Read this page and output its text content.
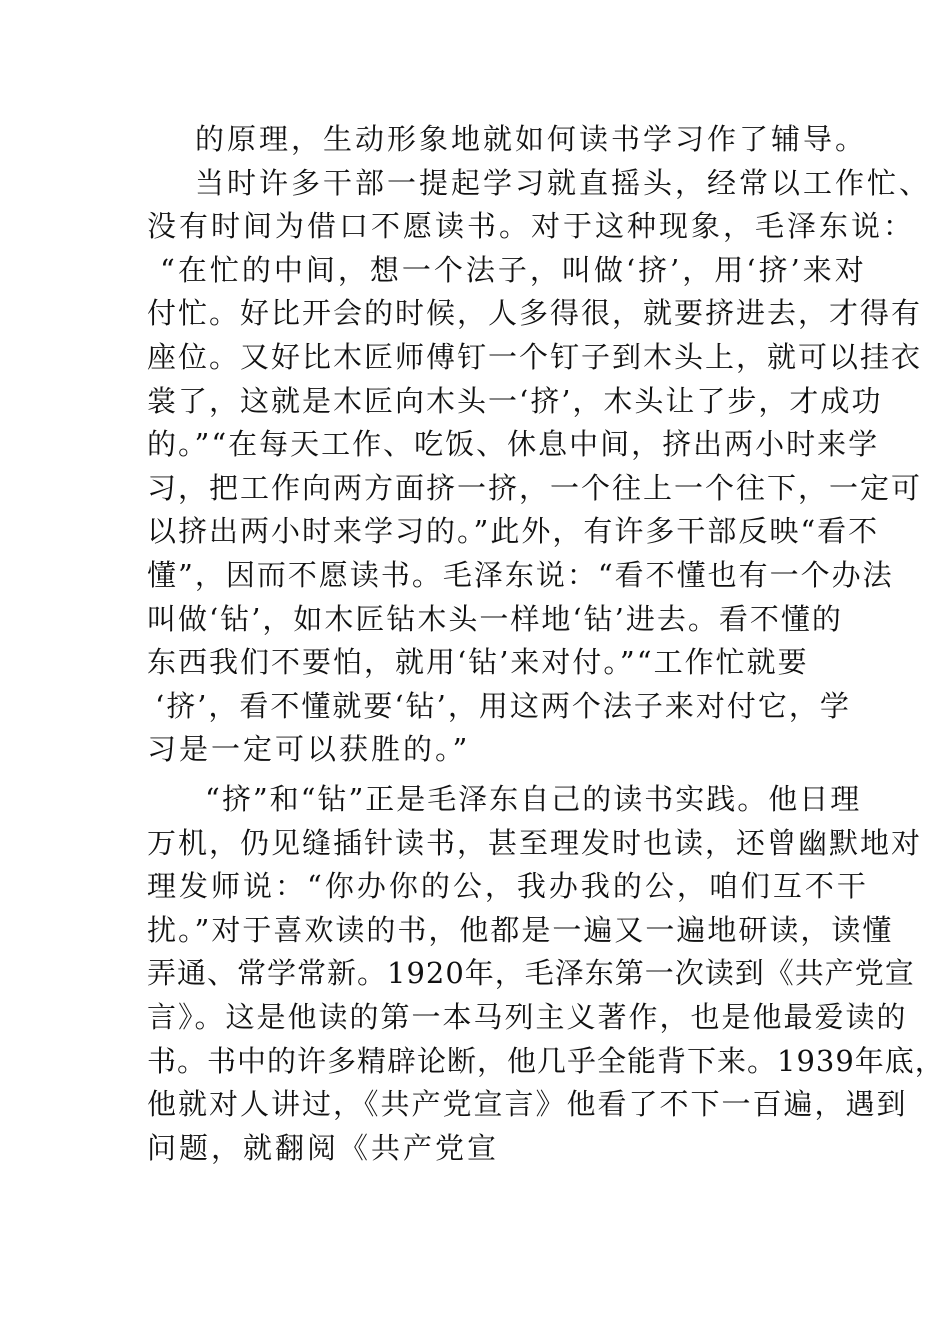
的原理，生动形象地就如何读书学习作了辅导。
当时许多干部一提起学习就直摇头，经常以工作忙、
没有时间为借口不愿读书。对于这种现象，毛泽东说：
“在忙的中间，想一个法子，叫做‘挤’，用‘挤’来对
付忙。好比开会的时候，人多得很，就要挤进去，才得有
座位。又好比木匠师傅钉一个钉子到木头上，就可以挂衣
裳了，这就是木匠向木头一‘挤’，木头让了步，才成功
的。”“在每天工作、吃饭、休息中间，挤出两小时来学
习，把工作向两方面挤一挤，一个往上一个往下，一定可
以挤出两小时来学习的。”此外，有许多干部反映“看不
懂”，因而不愿读书。毛泽东说：“看不懂也有一个办法
叫做‘钻’，如木匠钻木头一样地‘钻’进去。看不懂的
东西我们不要怕，就用‘钻’来对付。”“工作忙就要
‘挤’，看不懂就要‘钻’，用这两个法子来对付它，学
习是一定可以获胜的。”
“挤”和“钻”正是毛泽东自己的读书实践。他日理
万机，仍见缝插针读书，甚至理发时也读，还曾幽默地对
理发师说：“你办你的公，我办我的公，咱们互不干
扰。”对于喜欢读的书，他都是一遍又一遍地研读，读懂
弄通、常学常新。1920年，毛泽东第一次读到《共产党宣
言》。这是他读的第一本马列主义著作，也是他最爱读的
书。书中的许多精辟论断，他几乎全能背下来。1939年底，
他就对人讲过，《共产党宣言》他看了不下一百遍，遇到
问题，就翻阅《共产党宣
